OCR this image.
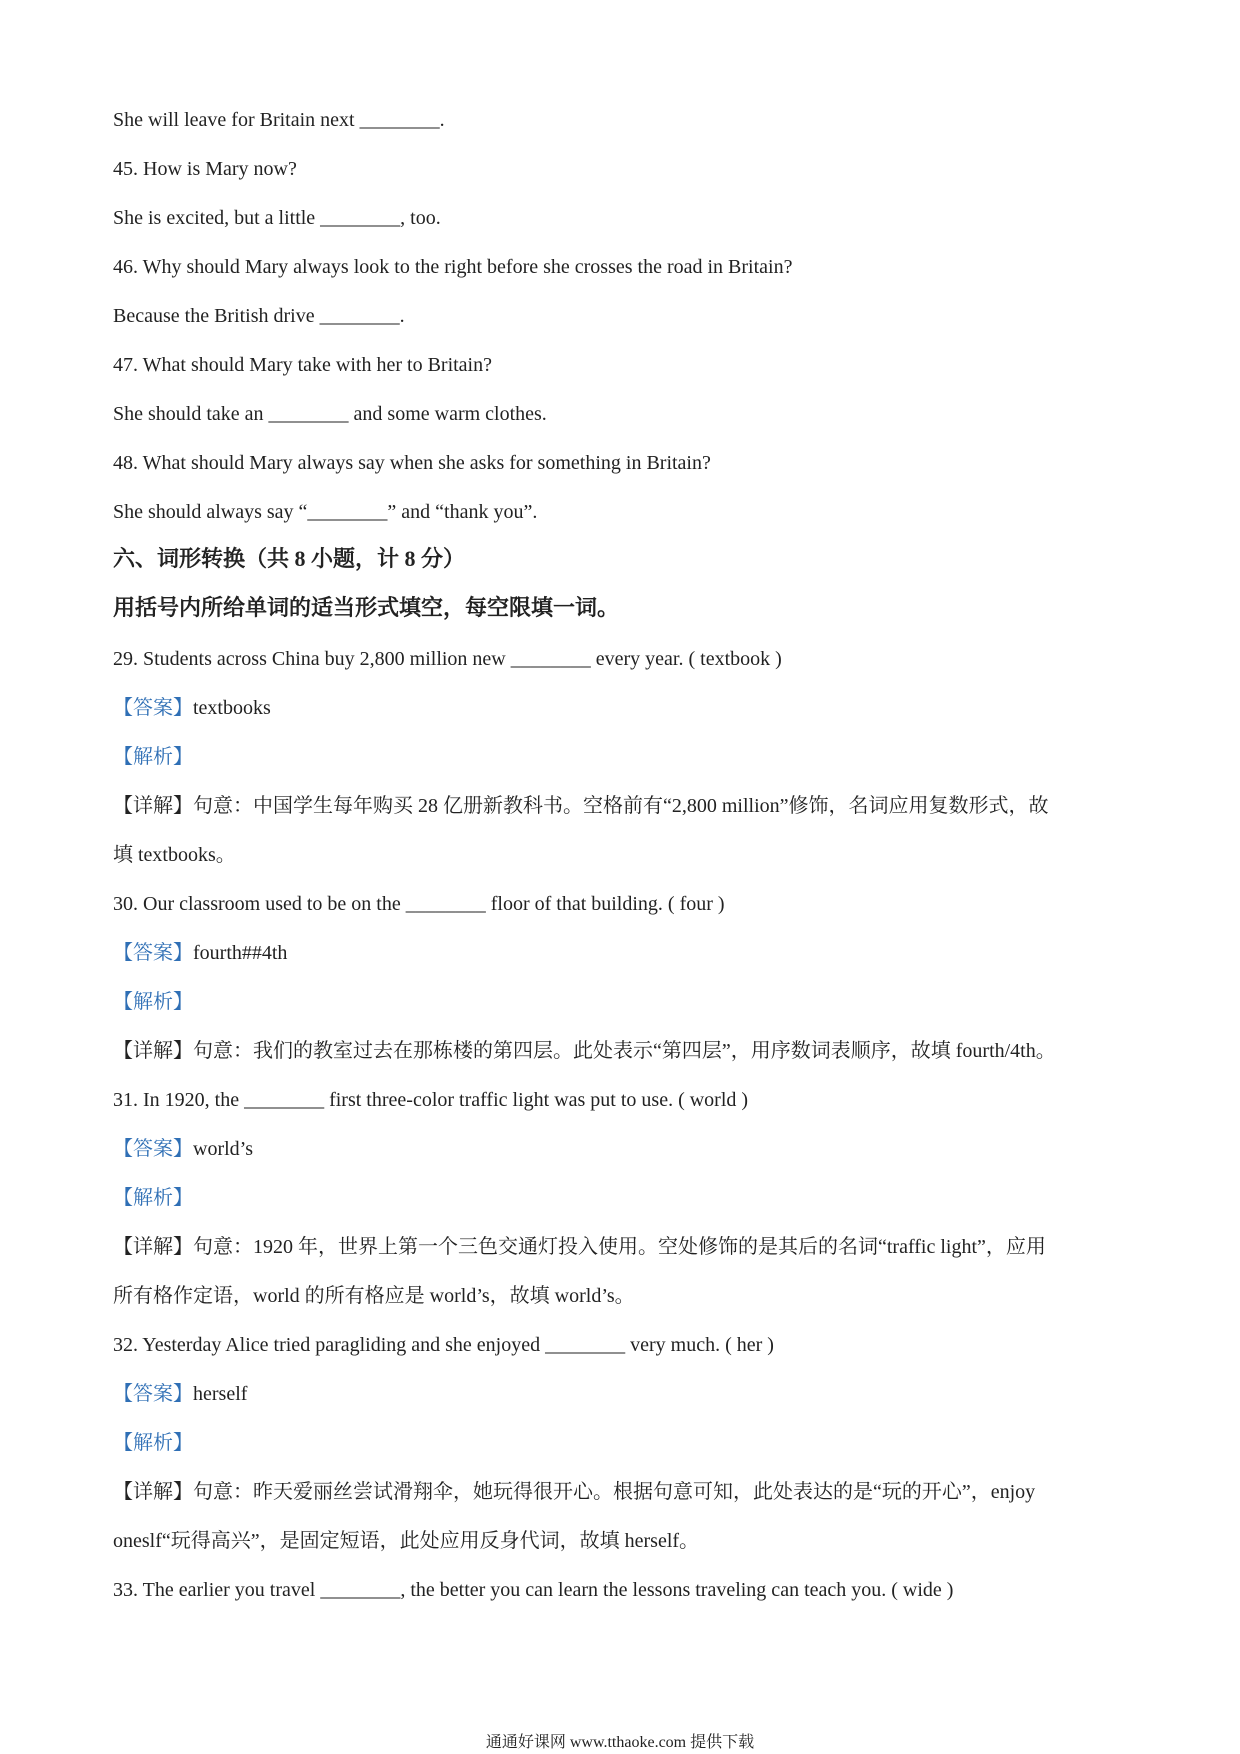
She will leave for Britain next ________.
45. How is Mary now?
She is excited, but a little ________, too.
46. Why should Mary always look to the right before she crosses the road in Britain?
Because the British drive ________.
47. What should Mary take with her to Britain?
She should take an ________ and some warm clothes.
48. What should Mary always say when she asks for something in Britain?
She should always say “________” and “thank you”.
六、词形转换（共 8 小题，计 8 分）
用括号内所给单词的适当形式填空，每空限填一词。
29. Students across China buy 2,800 million new ________ every year. ( textbook )
【答案】textbooks
【解析】
【详解】句意：中国学生每年购买 28 亿册新教科书。空格前有“2,800 million”修饰，名词应用复数形式，故
填 textbooks。
30. Our classroom used to be on the ________ floor of that building. ( four )
【答案】fourth##4th
【解析】
【详解】句意：我们的教室过去在那栋楼的第四层。此处表示“第四层”，用序数词表顺序，故填 fourth/4th。
31. In 1920, the ________ first three-color traffic light was put to use. ( world )
【答案】world’s
【解析】
【详解】句意：1920 年，世界上第一个三色交通灯投入使用。空处修饰的是其后的名词“traffic light”，应用
所有格作定语，world 的所有格应是 world’s，故填 world’s。
32. Yesterday Alice tried paragliding and she enjoyed ________ very much. ( her )
【答案】herself
【解析】
【详解】句意：昨天爱丽丝尝试滑翔伞，她玩得很开心。根据句意可知，此处表达的是“玩的开心”，enjoy
oneslf“玩得高兴”，是固定短语，此处应用反身代词，故填 herself。
33. The earlier you travel ________, the better you can learn the lessons traveling can teach you. ( wide )
通通好课网 www.tthaoke.com 提供下载
